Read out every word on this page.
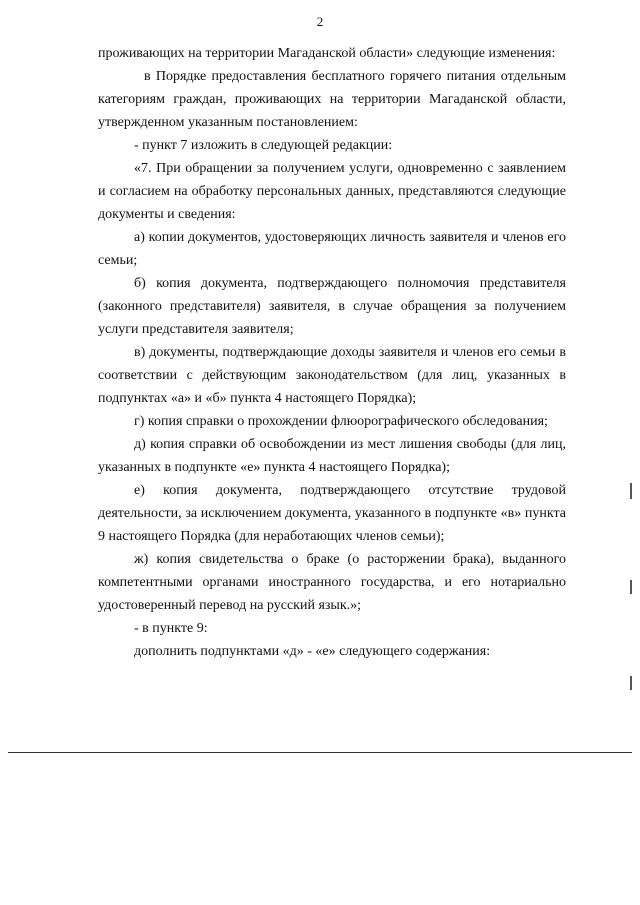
2

проживающих на территории Магаданской области» следующие изменения:

в Порядке предоставления бесплатного горячего питания отдельным категориям граждан, проживающих на территории Магаданской области, утвержденном указанным постановлением:

- пункт 7 изложить в следующей редакции:

«7. При обращении за получением услуги, одновременно с заявлением и согласием на обработку персональных данных, представляются следующие документы и сведения:

а) копии документов, удостоверяющих личность заявителя и членов его семьи;

б) копия документа, подтверждающего полномочия представителя (законного представителя) заявителя, в случае обращения за получением услуги представителя заявителя;

в) документы, подтверждающие доходы заявителя и членов его семьи в соответствии с действующим законодательством (для лиц, указанных в подпунктах «а» и «б» пункта 4 настоящего Порядка);

г) копия справки о прохождении флюорографического обследования;

д) копия справки об освобождении из мест лишения свободы (для лиц, указанных в подпункте «е» пункта 4 настоящего Порядка);

е) копия документа, подтверждающего отсутствие трудовой деятельности, за исключением документа, указанного в подпункте «в» пункта 9 настоящего Порядка (для неработающих членов семьи);

ж) копия свидетельства о браке (о расторжении брака), выданного компетентными органами иностранного государства, и его нотариально удостоверенный перевод на русский язык.»;

- в пункте 9:

дополнить подпунктами «д» - «е» следующего содержания:
